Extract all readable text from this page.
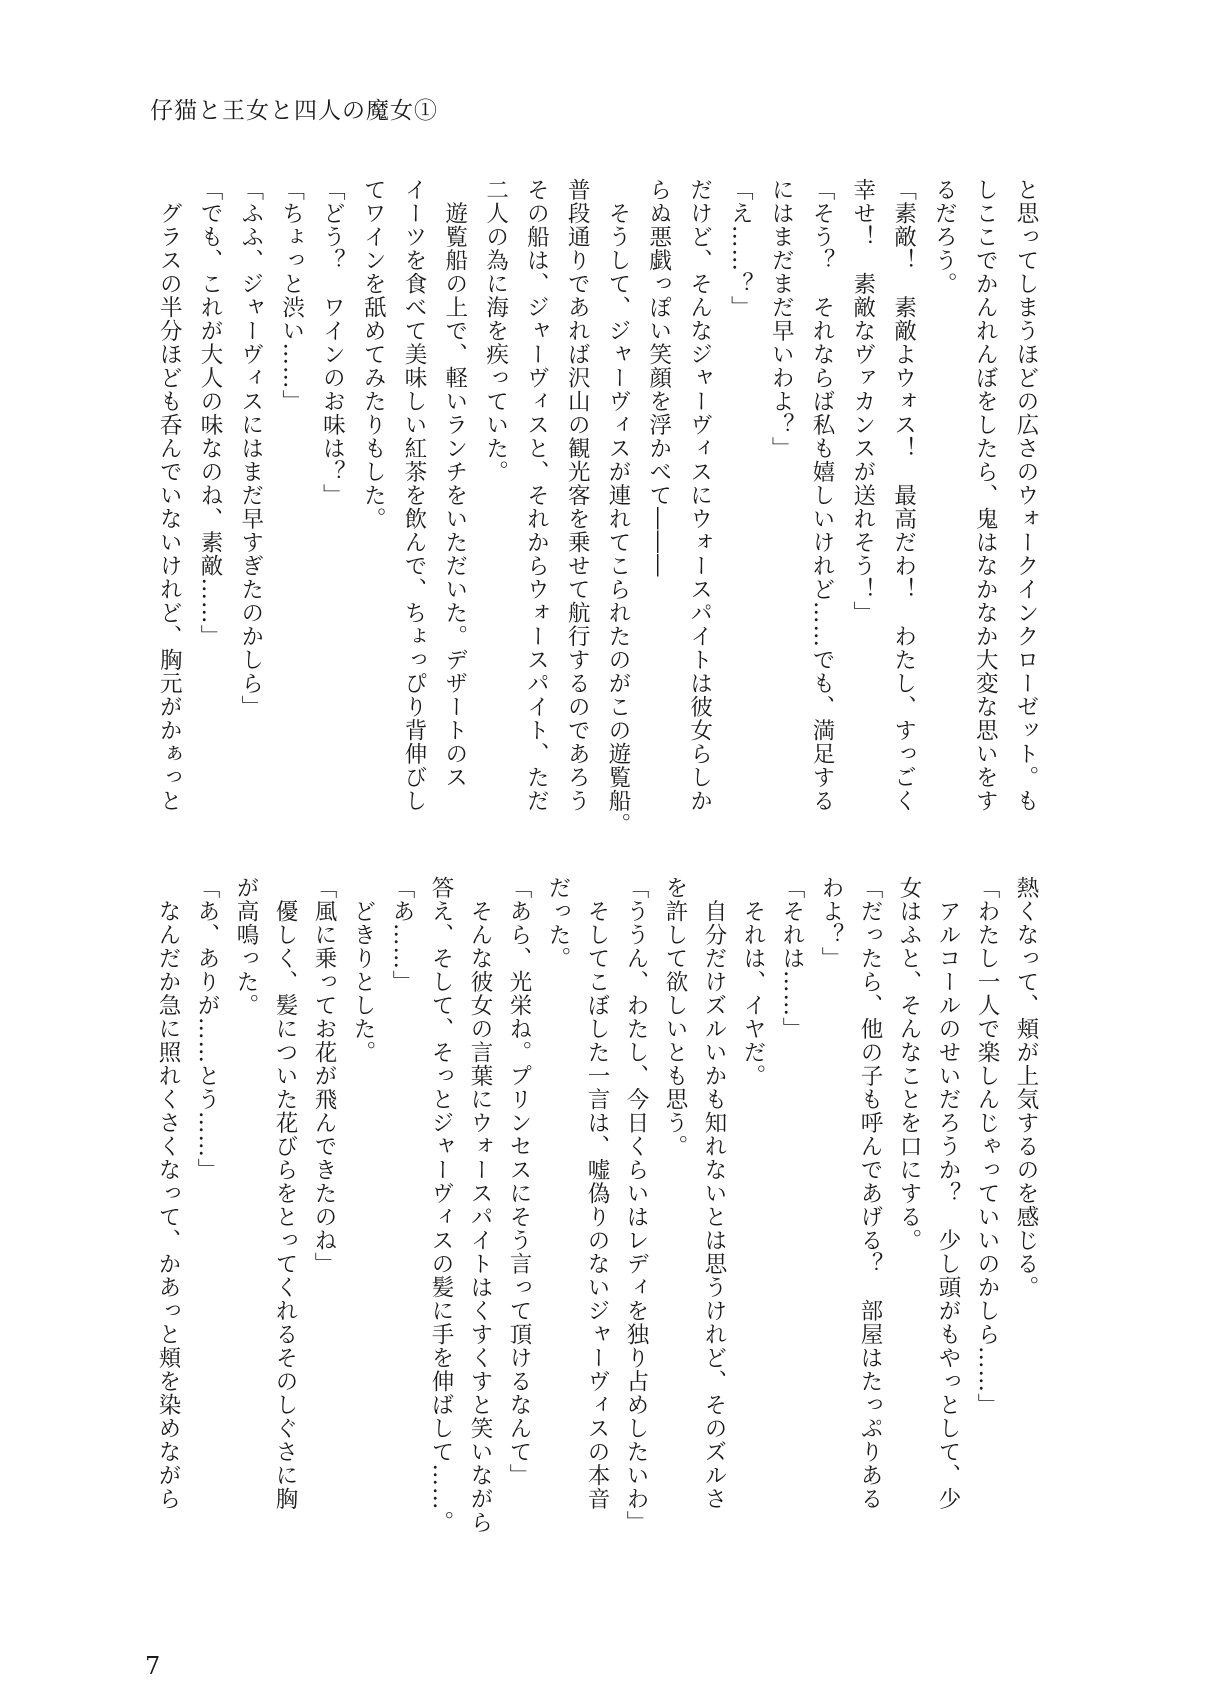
仔猫と王女と四人の魔女①
と思ってしまうほどの広さのウォークインクローゼット。も
しここでかんれんぼをしたら、鬼はなかなか大変な思いをす
るだろう。
「素敵！　素敵よウォス！　最高だわ！　わたし、すっごく
幸せ！　素敵なヴァカンスが送れそう！」
「そう？　それならば私も嬉しいけれど……でも、満足する
にはまだまだ早いわよ？」
「え……？」
だけど、そんなジャーヴィスにウォースパイトは彼女らしか
らぬ悪戯っぽい笑顔を浮かべて―――
　そうして、ジャーヴィスが連れてこられたのがこの遊覧船。
普段通りであれば沢山の観光客を乗せて航行するのであろう
その船は、ジャーヴィスと、それからウォースパイト、ただ
二人の為に海を疾っていた。
　遊覧船の上で、軽いランチをいただいた。デザートのス
イーツを食べて美味しい紅茶を飲んで、ちょっぴり背伸びし
てワインを舐めてみたりもした。
「どう？　ワインのお味は？」
「ちょっと渋い……」
「ふふ、ジャーヴィスにはまだ早すぎたのかしら」
「でも、これが大人の味なのね、素敵……」
　グラスの半分ほども呑んでいないけれど、胸元がかぁっと
熱くなって、頬が上気するのを感じる。
「わたし一人で楽しんじゃっていいのかしら……」
　アルコールのせいだろうか？　少し頭がもやっとして、少
女はふと、そんなことを口にする。
「だったら、他の子も呼んであげる？　部屋はたっぷりある
わよ？」
「それは……」
　それは、イヤだ。
　自分だけズルいかも知れないとは思うけれど、そのズルさ
を許して欲しいとも思う。
「ううん、わたし、今日くらいはレディを独り占めしたいわ」
　そしてこぼした一言は、嘘偽りのないジャーヴィスの本音
だった。
「あら、光栄ね。プリンセスにそう言って頂けるなんて」
　そんな彼女の言葉にウォースパイトはくすくすと笑いながら
答え、そして、そっとジャーヴィスの髪に手を伸ばして……。
「あ……」
　どきりとした。
「風に乗ってお花が飛んできたのね」
　優しく、髪についた花びらをとってくれるそのしぐさに胸
が高鳴った。
「あ、ありが……とう……」
　なんだか急に照れくさくなって、かあっと頬を染めながら
7
